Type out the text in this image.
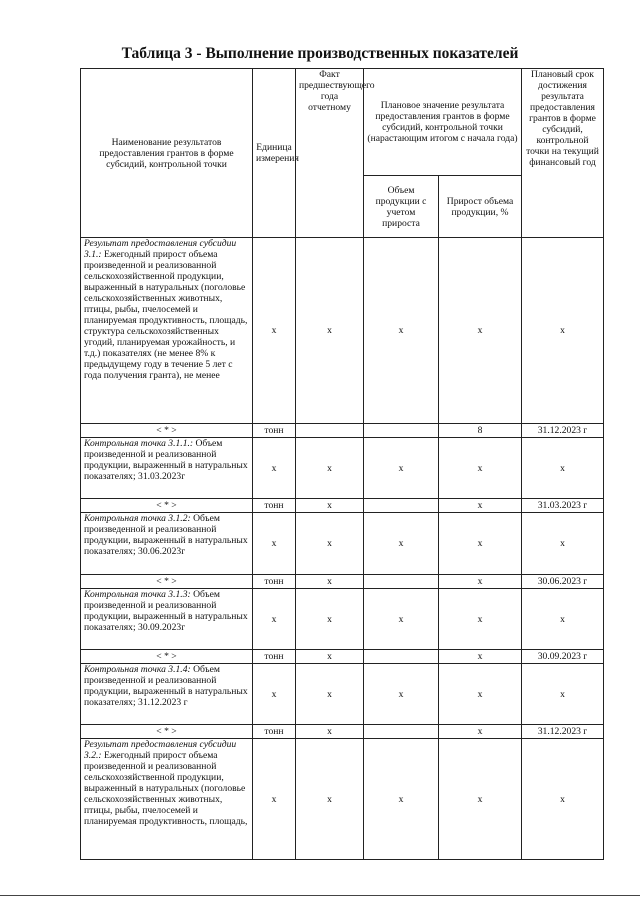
Таблица 3 - Выполнение производственных показателей
Наименование результатов предоставления грантов в форме субсидий, контрольной точки	Единица измерения	Факт предшествующего года отчетному	Плановое значение результата предоставления грантов в форме субсидий, контрольной точки (нарастающим итогом с начала года)		Плановый срок достижения результата предоставления грантов в форме субсидий, контрольной точки на текущий финансовый год
			Объем продукции с учетом прироста	Прирост объема продукции, %	
Результат предоставления субсидии 3.1.: Ежегодный прирост объема произведенной и реализованной сельскохозяйственной продукции, выраженный в натуральных (поголовье сельскохозяйственных животных, птицы, рыбы, пчелосемей и планируемая продуктивность, площадь, структура сельскохозяйственных угодий, планируемая урожайность, и т.д.) показателях (не менее 8% к предыдущему году в течение 5 лет с года получения гранта), не менее	х	х	х	х	х
< * >	тонн			8	31.12.2023 г
Контрольная точка 3.1.1.: Объем произведенной и реализованной продукции, выраженный в натуральных показателях; 31.03.2023г	х	х	х	х	х
< * >	тонн	х		х	31.03.2023 г
Контрольная точка 3.1.2: Объем произведенной и реализованной продукции, выраженный в натуральных показателях; 30.06.2023г	х	х	х	х	х
< * >	тонн	х		х	30.06.2023 г
Контрольная точка 3.1.3: Объем произведенной и реализованной продукции, выраженный в натуральных показателях; 30.09.2023г	х	х	х	х	х
< * >	тонн	х		х	30.09.2023 г
Контрольная точка 3.1.4: Объем произведенной и реализованной продукции, выраженный в натуральных показателях; 31.12.2023 г	х	х	х	х	х
< * >	тонн	х		х	31.12.2023 г
Результат предоставления субсидии 3.2.: Ежегодный прирост объема произведенной и реализованной сельскохозяйственной продукции, выраженный в натуральных (поголовье сельскохозяйственных животных, птицы, рыбы, пчелосемей и планируемая продуктивность, площадь,	х	х	х	х	х
